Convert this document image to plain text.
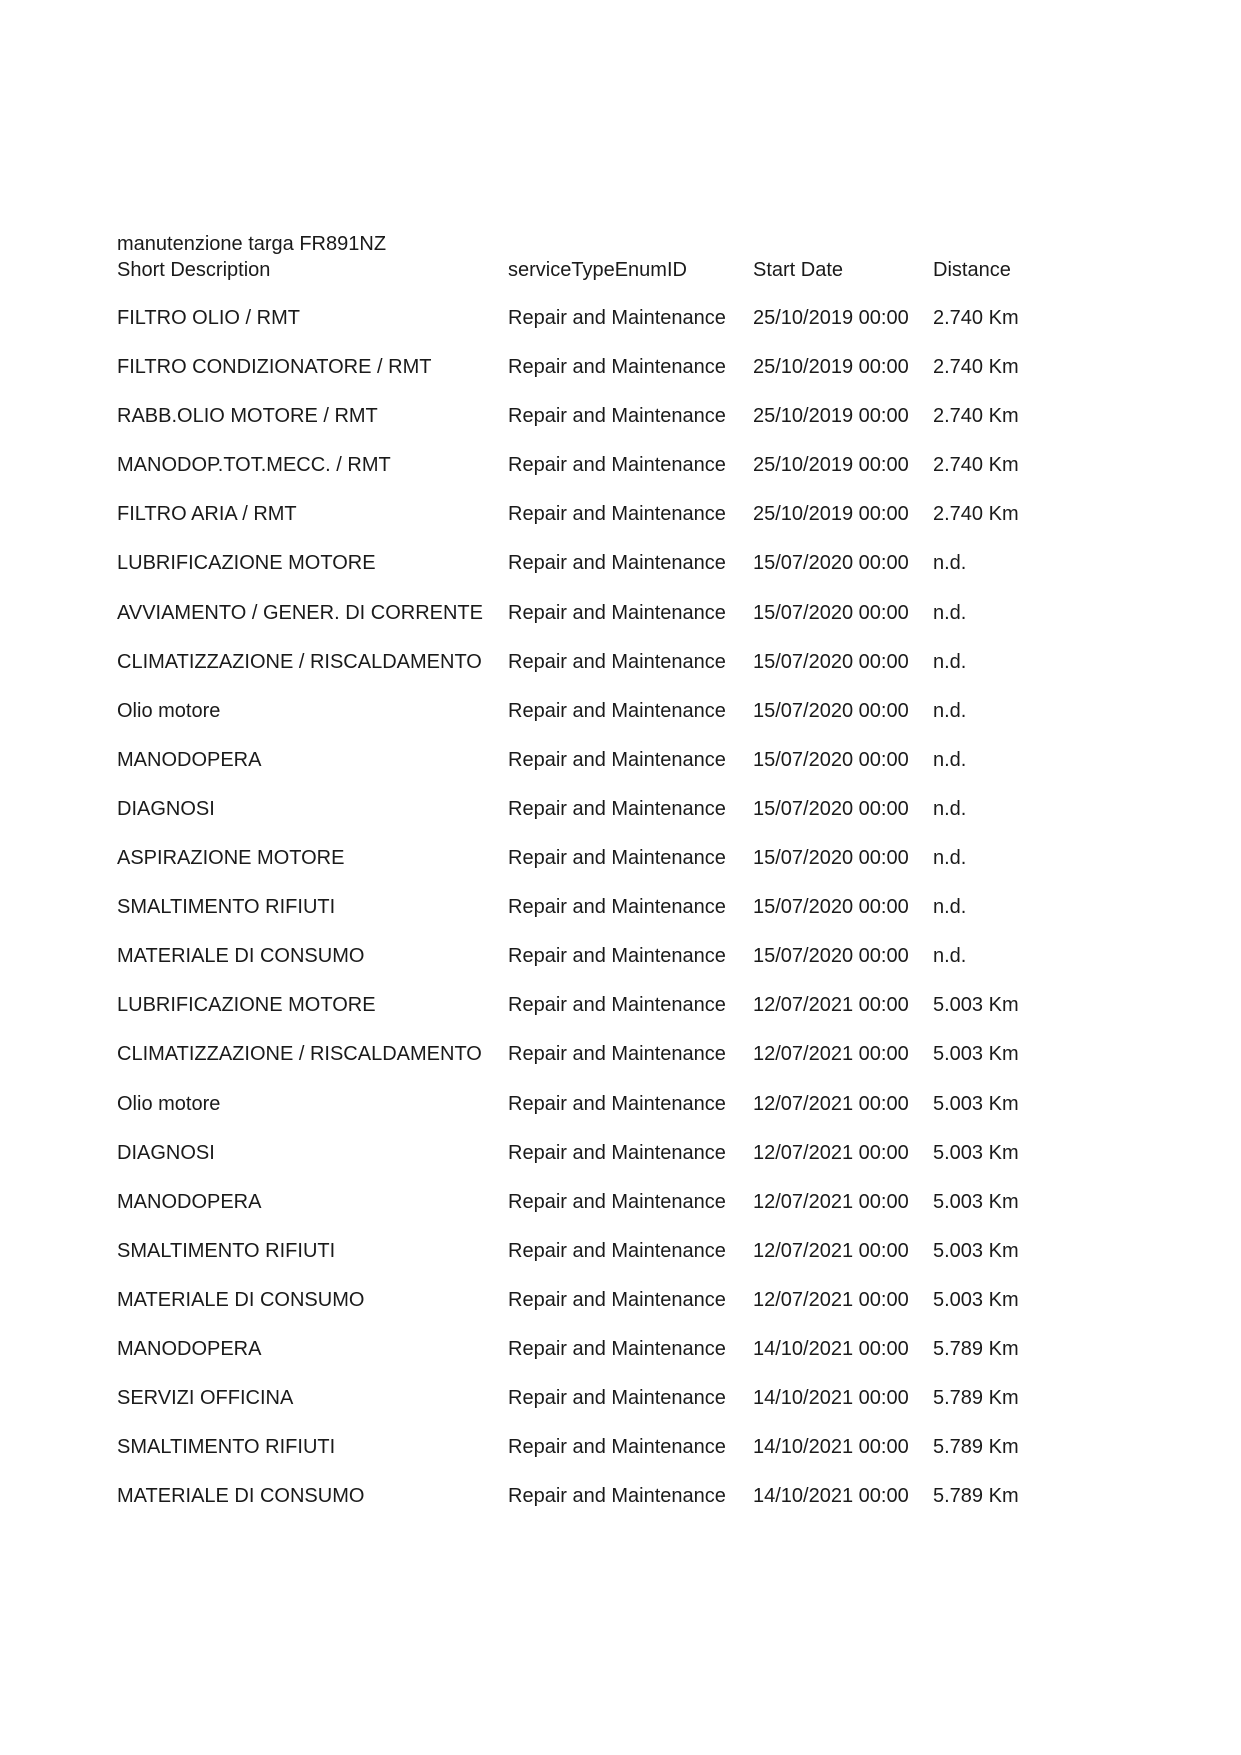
manutenzione targa FR891NZ
Short Description	serviceTypeEnumID	Start Date	Distance
FILTRO OLIO / RMT	Repair and Maintenance 25/10/2019 00:00 2.740 Km
FILTRO CONDIZIONATORE / RMT	Repair and Maintenance 25/10/2019 00:00 2.740 Km
RABB.OLIO MOTORE / RMT	Repair and Maintenance 25/10/2019 00:00 2.740 Km
MANODOP.TOT.MECC. / RMT	Repair and Maintenance 25/10/2019 00:00 2.740 Km
FILTRO ARIA / RMT	Repair and Maintenance 25/10/2019 00:00 2.740 Km
LUBRIFICAZIONE MOTORE	Repair and Maintenance 15/07/2020 00:00 n.d.
AVVIAMENTO / GENER. DI CORRENTE Repair and Maintenance 15/07/2020 00:00 n.d.
CLIMATIZZAZIONE / RISCALDAMENTO Repair and Maintenance 15/07/2020 00:00 n.d.
Olio motore	Repair and Maintenance 15/07/2020 00:00 n.d.
MANODOPERA	Repair and Maintenance 15/07/2020 00:00 n.d.
DIAGNOSI	Repair and Maintenance 15/07/2020 00:00 n.d.
ASPIRAZIONE MOTORE	Repair and Maintenance 15/07/2020 00:00 n.d.
SMALTIMENTO RIFIUTI	Repair and Maintenance 15/07/2020 00:00 n.d.
MATERIALE DI CONSUMO	Repair and Maintenance 15/07/2020 00:00 n.d.
LUBRIFICAZIONE MOTORE	Repair and Maintenance 12/07/2021 00:00 5.003 Km
CLIMATIZZAZIONE / RISCALDAMENTO Repair and Maintenance 12/07/2021 00:00 5.003 Km
Olio motore	Repair and Maintenance 12/07/2021 00:00 5.003 Km
DIAGNOSI	Repair and Maintenance 12/07/2021 00:00 5.003 Km
MANODOPERA	Repair and Maintenance 12/07/2021 00:00 5.003 Km
SMALTIMENTO RIFIUTI	Repair and Maintenance 12/07/2021 00:00 5.003 Km
MATERIALE DI CONSUMO	Repair and Maintenance 12/07/2021 00:00 5.003 Km
MANODOPERA	Repair and Maintenance 14/10/2021 00:00 5.789 Km
SERVIZI OFFICINA	Repair and Maintenance 14/10/2021 00:00 5.789 Km
SMALTIMENTO RIFIUTI	Repair and Maintenance 14/10/2021 00:00 5.789 Km
MATERIALE DI CONSUMO	Repair and Maintenance 14/10/2021 00:00 5.789 Km
